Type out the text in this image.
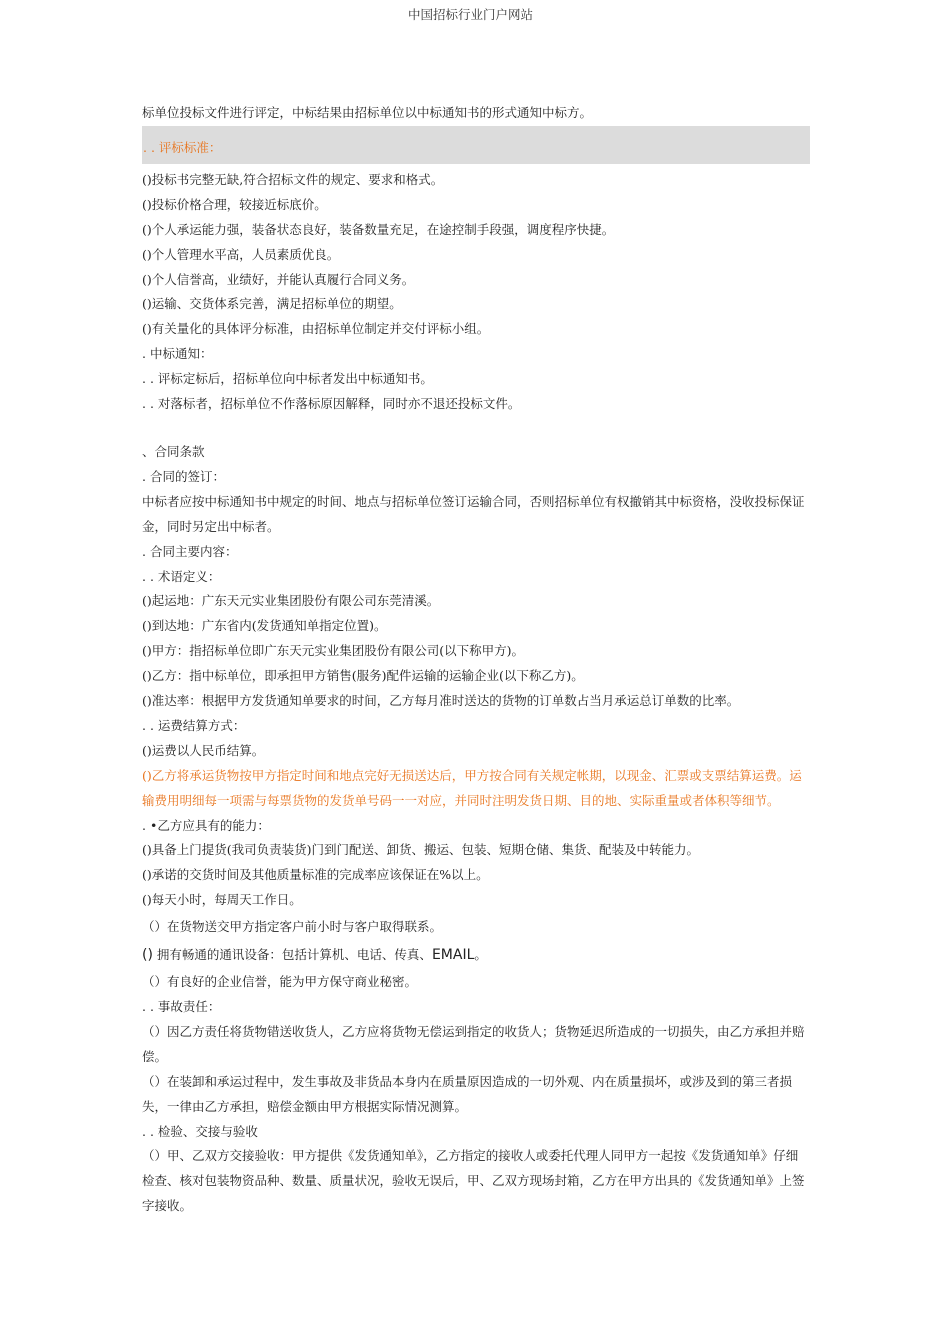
中国招标行业门户网站
标单位投标文件进行评定，中标结果由招标单位以中标通知书的形式通知中标方。
. . 评标标准：
()投标书完整无缺,符合招标文件的规定、要求和格式。
()投标价格合理，较接近标底价。
()个人承运能力强，装备状态良好，装备数量充足，在途控制手段强，调度程序快捷。
()个人管理水平高，人员素质优良。
()个人信誉高，业绩好，并能认真履行合同义务。
()运输、交货体系完善，满足招标单位的期望。
()有关量化的具体评分标准，由招标单位制定并交付评标小组。
. 中标通知：
. . 评标定标后，招标单位向中标者发出中标通知书。
. . 对落标者，招标单位不作落标原因解释，同时亦不退还投标文件。
、合同条款
. 合同的签订：
中标者应按中标通知书中规定的时间、地点与招标单位签订运输合同，否则招标单位有权撤销其中标资格，没收投标保证金，同时另定出中标者。
. 合同主要内容：
. . 术语定义：
()起运地：广东天元实业集团股份有限公司东莞清溪。
()到达地：广东省内(发货通知单指定位置)。
()甲方：指招标单位即广东天元实业集团股份有限公司(以下称甲方)。
()乙方：指中标单位，即承担甲方销售(服务)配件运输的运输企业(以下称乙方)。
()准达率：根据甲方发货通知单要求的时间，乙方每月准时送达的货物的订单数占当月承运总订单数的比率。
. . 运费结算方式：
()运费以人民币结算。
()乙方将承运货物按甲方指定时间和地点完好无损送达后，甲方按合同有关规定帐期，以现金、汇票或支票结算运费。运输费用明细每一项需与每票货物的发货单号码一一对应，并同时注明发货日期、目的地、实际重量或者体积等细节。
. •乙方应具有的能力：
()具备上门提货(我司负责装货)门到门配送、卸货、搬运、包装、短期仓储、集货、配装及中转能力。
()承诺的交货时间及其他质量标准的完成率应该保证在%以上。
()每天小时，每周天工作日。
（）在货物送交甲方指定客户前小时与客户取得联系。
() 拥有畅通的通讯设备：包括计算机、电话、传真、EMAIL。
（）有良好的企业信誉，能为甲方保守商业秘密。
. . 事故责任：
（）因乙方责任将货物错送收货人，乙方应将货物无偿运到指定的收货人；货物延迟所造成的一切损失，由乙方承担并赔偿。
（）在装卸和承运过程中，发生事故及非货品本身内在质量原因造成的一切外观、内在质量损坏，或涉及到的第三者损失，一律由乙方承担，赔偿金额由甲方根据实际情况测算。
. . 检验、交接与验收
（）甲、乙双方交接验收：甲方提供《发货通知单》，乙方指定的接收人或委托代理人同甲方一起按《发货通知单》仔细检查、核对包装物资品种、数量、质量状况，验收无误后，甲、乙双方现场封箱，乙方在甲方出具的《发货通知单》上签字接收。
